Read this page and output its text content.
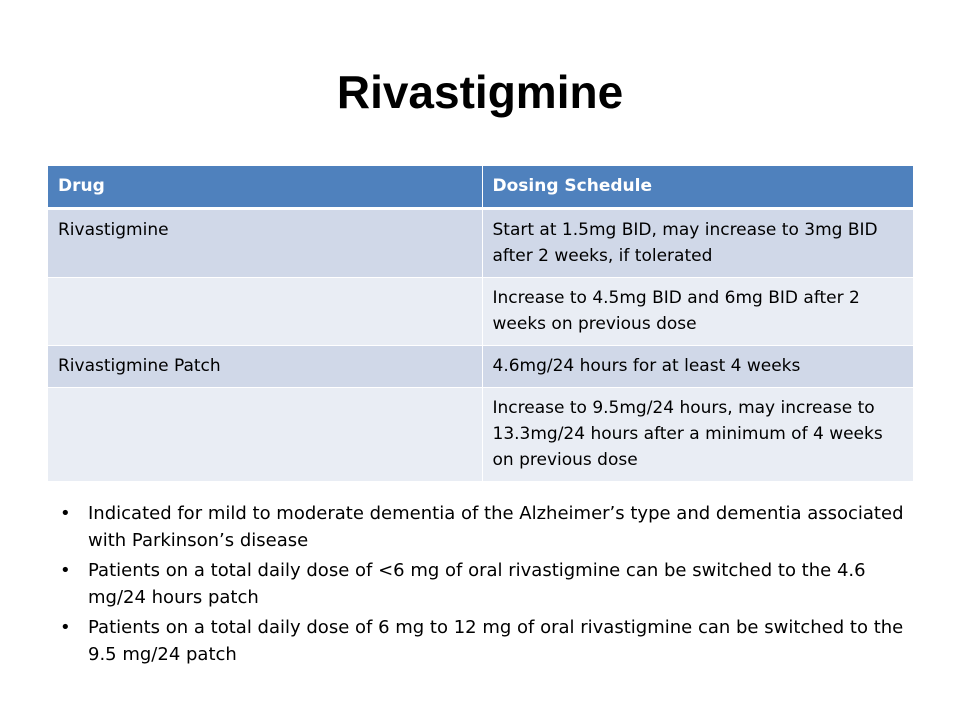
Rivastigmine
Drug	Dosing Schedule
Rivastigmine	Start at 1.5mg BID, may increase to 3mg BID after 2 weeks, if tolerated
	Increase to 4.5mg BID and 6mg BID after 2 weeks on previous dose
Rivastigmine Patch	4.6mg/24 hours for at least 4 weeks
	Increase to 9.5mg/24 hours, may increase to 13.3mg/24 hours after a minimum of 4 weeks on previous dose
• Indicated for mild to moderate dementia of the Alzheimer’s type and dementia associated with Parkinson’s disease
• Patients on a total daily dose of <6 mg of oral rivastigmine can be switched to the 4.6 mg/24 hours patch
• Patients on a total daily dose of 6 mg to 12 mg of oral rivastigmine can be switched to the 9.5 mg/24 patch
